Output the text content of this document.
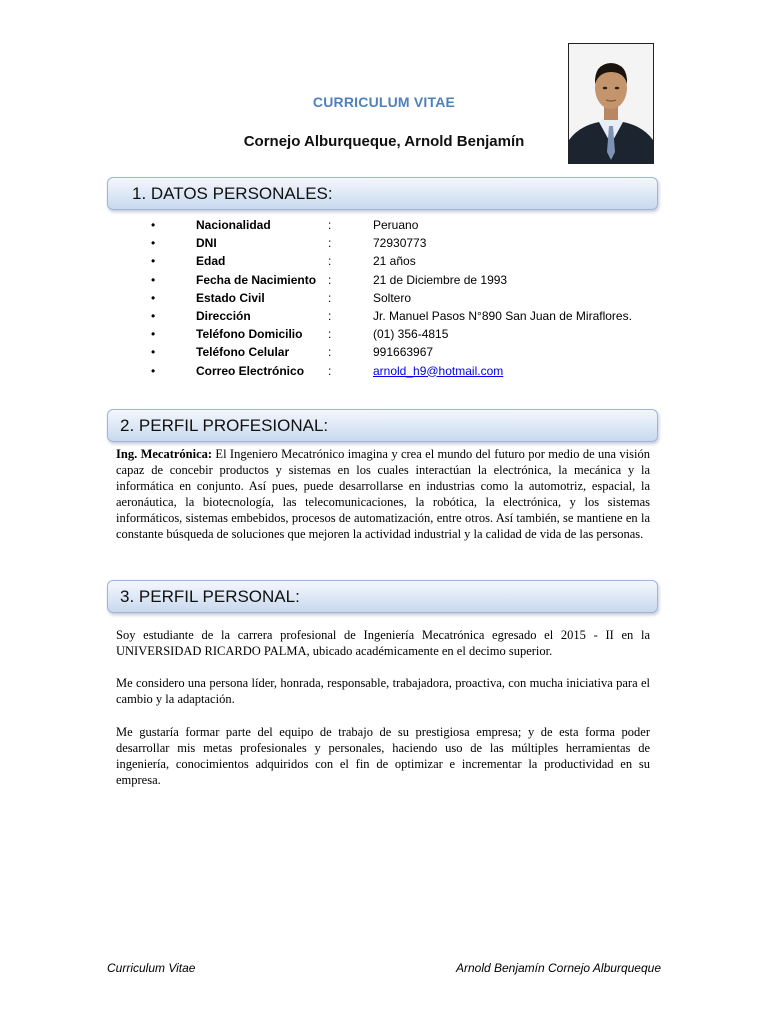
CURRICULUM VITAE
Cornejo Alburqueque, Arnold Benjamín
1. DATOS PERSONALES:
•	Nacionalidad	:	Peruano
•	DNI	:	72930773
•	Edad	:	21 años
•	Fecha de Nacimiento :	21 de Diciembre de 1993
•	Estado Civil	:	Soltero
•	Dirección	:	Jr. Manuel Pasos N°890 San Juan de Miraflores.
•	Teléfono Domicilio :	(01) 356-4815
•	Teléfono Celular	:	991663967
•	Correo Electrónico :	arnold_h9@hotmail.com
2. PERFIL PROFESIONAL:

Ing. Mecatrónica: El Ingeniero Mecatrónico imagina y crea el mundo del futuro por medio de una visión capaz de concebir productos y sistemas en los cuales interactúan la electrónica, la mecánica y la informática en conjunto. Así pues, puede desarrollarse en industrias como la automotriz, espacial, la aeronáutica, la biotecnología, las telecomunicaciones, la robótica, la electrónica, y los sistemas informáticos, sistemas embebidos, procesos de automatización, entre otros. Así también, se mantiene en la constante búsqueda de soluciones que mejoren la actividad industrial y la calidad de vida de las personas.

3. PERFIL PERSONAL:

Soy estudiante de la carrera profesional de Ingeniería Mecatrónica egresado el 2015 - II en la UNIVERSIDAD RICARDO PALMA, ubicado académicamente en el decimo superior.

Me considero una persona líder, honrada, responsable, trabajadora, proactiva, con mucha iniciativa para el cambio y la adaptación.

Me gustaría formar parte del equipo de trabajo de su prestigiosa empresa; y de esta forma poder desarrollar mis metas profesionales y personales, haciendo uso de las múltiples herramientas de ingeniería, conocimientos adquiridos con el fin de optimizar e incrementar la productividad en su empresa.

Curriculum Vitae	Arnold Benjamín Cornejo Alburqueque
